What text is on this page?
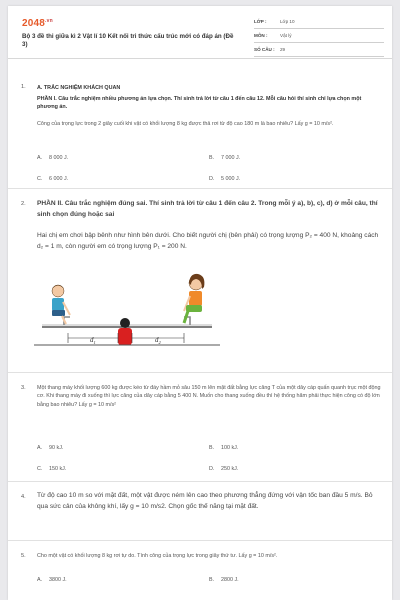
$2048^{.vn}$
Bộ 3 đề thi giữa kì 2 Vật lí 10 Kết nối tri thức cấu trúc mới có đáp án (Đề 3)
LỚP :	Lớp 10
MÔN :	Vật lý
SỐ CÂU : 29
1. A. TRẮC NGHIỆM KHÁCH QUAN
PHẦN I. Câu trắc nghiệm nhiều phương án lựa chọn. Thí sinh trả lời từ câu 1 đến câu 12. Mỗi câu hỏi thí sinh chỉ lựa chọn một phương án.
Công của trọng lực trong 2 giây cuối khi vật có khối lượng 8 kg được thả rơi từ độ cao 180 m là bao nhiêu? Lấy g = 10 m/s².
A. 8 000 J.	B. 7 000 J.
C. 6 000 J.	D. 5 000 J.
2. PHẦN II. Câu trắc nghiệm đúng sai. Thí sinh trả lời từ câu 1 đến câu 2. Trong mỗi ý a), b), c), d) ở mỗi câu, thí sinh chọn đúng hoặc sai
Hai chị em chơi bập bênh như hình bên dưới. Cho biết người chị (bên phải) có trọng lượng P₂ = 400 N, khoảng cách d₂ = 1 m, còn người em có trọng lượng P₁ = 200 N.
$d_1$	$d_2$
3. Một thang máy khối lượng 600 kg được kéo từ đáy hầm mỏ sâu 150 m lên mặt đất bằng lực căng T của một dây cáp quấn quanh trục một động cơ. Khi thang máy đi xuống thì lực căng của dây cáp bằng 5 400 N. Muốn cho thang xuống đều thì hệ thống hãm phải thực hiện công có độ lớn bằng bao nhiêu? Lấy g = 10 m/s²
A. 90 kJ.	B. 100 kJ.
C. 150 kJ.	D. 250 kJ.
4. Từ độ cao 10 m so với mặt đất, một vật được ném lên cao theo phương thẳng đứng với vận tốc ban đầu 5 m/s. Bỏ qua sức cản của không khí, lấy g = 10 m/s2. Chọn gốc thế năng tại mặt đất.
5. Cho một vật có khối lượng 8 kg rơi tự do. Tính công của trọng lực trong giây thứ tư. Lấy g = 10 m/s².
A. 3800 J.	B. 2800 J.
